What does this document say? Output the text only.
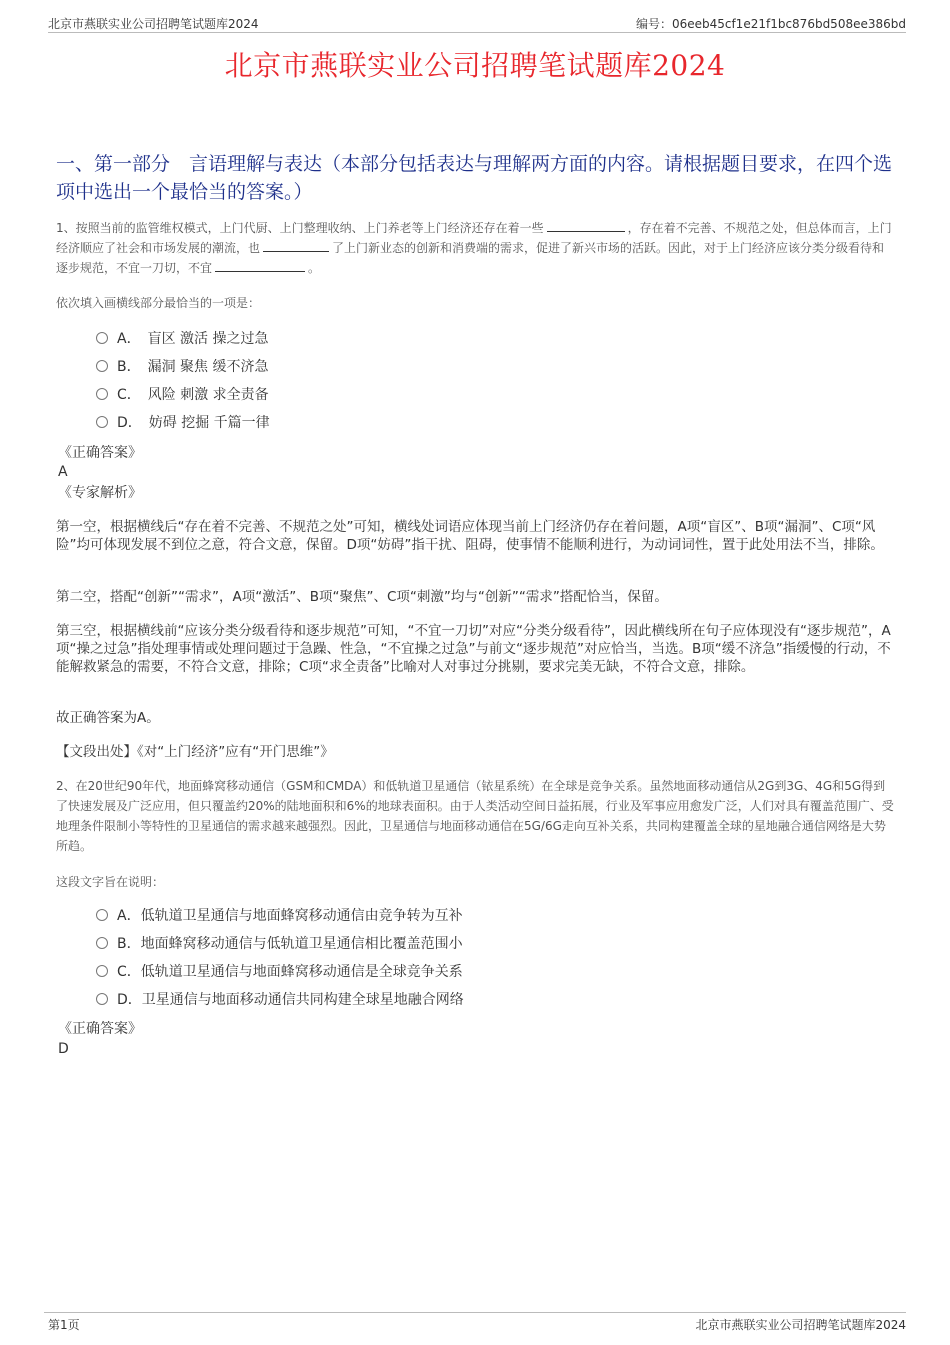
北京市燕联实业公司招聘笔试题库2024	编号：06eeb45cf1e21f1bc876bd508ee386bd
北京市燕联实业公司招聘笔试题库2024
一、第一部分　言语理解与表达（本部分包括表达与理解两方面的内容。请根据题目要求，在四个选项中选出一个最恰当的答案。）
1、按照当前的监管维权模式，上门代厨、上门整理收纳、上门养老等上门经济还存在着一些	，存在着不完善、不规范之处，但总体而言，上门经济顺应了社会和市场发展的潮流，也	了上门新业态的创新和消费端的需求，促进了新兴市场的活跃。因此，对于上门经济应该分类分级看待和逐步规范，不宜一刀切，不宜	。
依次填入画横线部分最恰当的一项是：
A．　盲区 激活 操之过急
B．　漏洞 聚焦 缓不济急
C．　风险 刺激 求全责备
D．　妨碍 挖掘 千篇一律
《正确答案》
A
《专家解析》
第一空，根据横线后“存在着不完善、不规范之处”可知，横线处词语应体现当前上门经济仍存在着问题，A项“盲区”、B项“漏洞”、C项“风险”均可体现发展不到位之意，符合文意，保留。D项“妨碍”指干扰、阻碍，使事情不能顺利进行，为动词词性，置于此处用法不当，排除。
第二空，搭配“创新”“需求”，A项“激活”、B项“聚焦”、C项“刺激”均与“创新”“需求”搭配恰当，保留。
第三空，根据横线前“应该分类分级看待和逐步规范”可知，“不宜一刀切”对应“分类分级看待”，因此横线所在句子应体现没有“逐步规范”，A项“操之过急”指处理事情或处理问题过于急躁、性急，“不宜操之过急”与前文“逐步规范”对应恰当，当选。B项“缓不济急”指缓慢的行动，不能解救紧急的需要，不符合文意，排除；C项“求全责备”比喻对人对事过分挑剔，要求完美无缺，不符合文意，排除。
故正确答案为A。
【文段出处】《对“上门经济”应有“开门思维”》
2、在20世纪90年代，地面蜂窝移动通信（GSM和CMDA）和低轨道卫星通信（铱星系统）在全球是竞争关系。虽然地面移动通信从2G到3G、4G和5G得到了快速发展及广泛应用，但只覆盖约20%的陆地面积和6%的地球表面积。由于人类活动空间日益拓展，行业及军事应用愈发广泛，人们对具有覆盖范围广、受地理条件限制小等特性的卫星通信的需求越来越强烈。因此，卫星通信与地面移动通信在5G/6G走向互补关系，共同构建覆盖全球的星地融合通信网络是大势所趋。
这段文字旨在说明：
A．低轨道卫星通信与地面蜂窝移动通信由竞争转为互补
B．地面蜂窝移动通信与低轨道卫星通信相比覆盖范围小
C．低轨道卫星通信与地面蜂窝移动通信是全球竞争关系
D．卫星通信与地面移动通信共同构建全球星地融合网络
《正确答案》
D
第1页	北京市燕联实业公司招聘笔试题库2024
